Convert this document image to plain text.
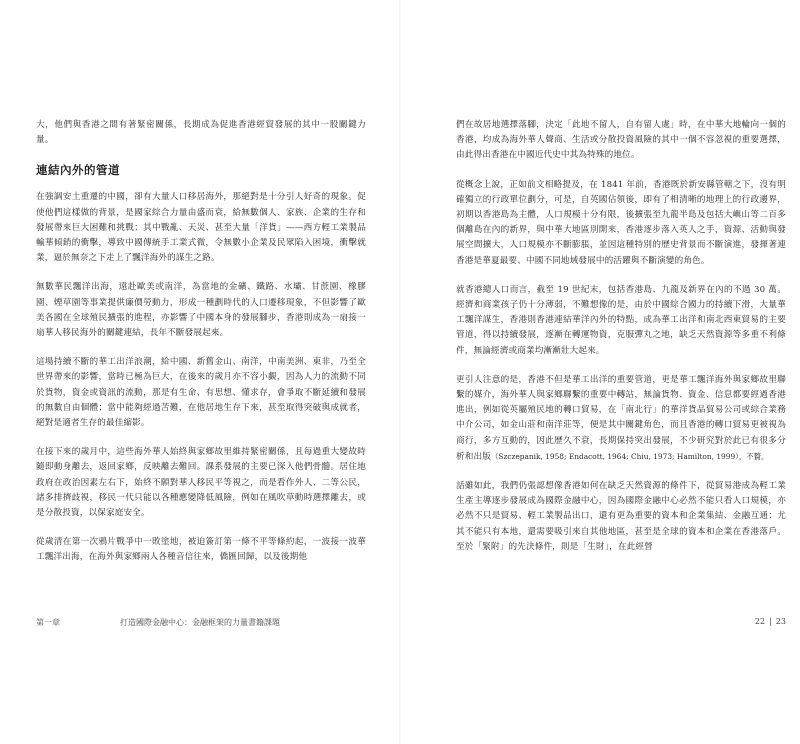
大，他們與香港之間有著緊密關係，長期成為促進香港經貿發展的其中一股關鍵力量。

連結內外的管道

在強調安土重遷的中國，卻有大量人口移居海外，那絕對是十分引人好奇的現象。促使他們這樣做的背景，是國家綜合力量由盛而衰，給無數個人、家族、企業的生存和發展帶來巨大困難和挑戰；其中戰亂、天災、甚至大量「洋貨」——西方輕工業製品輸華傾銷的衝擊，導致中國傳統手工業式微，令無數小企業及民眾陷入困境，衝擊就業，逼於無奈之下走上了飄洋海外的謀生之路。

無數華民飄洋出海，遠赴歐美或南洋，為當地的金礦、鐵路、水壩、甘蔗園、橡膠園、煙草園等事業提供廉價勞動力，形成一種劃時代的人口遷移現象，不但影響了歐美各國在全球殖民擴張的進程，亦影響了中國本身的發展腳步，香港則成為一扇接一扇華人移民海外的關鍵連結，長年不斷發展起來。

這場持續不斷的華工出洋浪潮，給中國、新舊金山、南洋，中南美洲、東非，乃至全世界帶來的影響，當時已極為巨大，在後來的歲月亦不容小覷，因為人力的流動不同於貨物，資金或資訊的流動，那是有生命、有思想、懂求存，會爭取不斷延續和發展的無數自由個體；當中能夠經過苦難，在他居地生存下來，甚至取得突破與成就者，絕對是適者生存的最佳縮影。

在接下來的歲月中，這些海外華人始終與家鄉故里維持緊密關係，且每過重大變故時隨即動身離去，返回家鄉，反映離去難回。課系發展的主要已深入他們骨髓。居住地政府在政治因素左右下，始終不願對華人移民平等視之，而是看作外人、二等公民，諸多排擠歧視，移民一代只能以各種應變降低風險，例如在風吹草動時選擇離去，或是分散投資，以保家庭安全。

從歲清在第一次鴉片戰爭中一敗塗地，被迫簽訂第一條不平等條約起，一波接一波華工飄洋出海，在海外與家鄉兩人各種音信往來，僑匯回歸，以及後期他

第一章	打造國際金融中心：金融框架的力量書籍課題

們在故居地選擇落腳，決定「此地不留人，自有留人處」時，在中華大地輪向一個的香港，均成為海外華人聲商、生活或分散投資風險的其中一個不容忽視的重要選擇，由此得出香港在中國近代史中其為特殊的地位。

從概念上說，正如前文相略提及，在 1841 年前，香港既於新安縣管轄之下，沒有明確獨立的行政單位劃分，可是，自英國佔領後，即有了相清晰的地理上的行政邊界，初期以香港島為主體，人口規模十分有限，後擴張至九龍半島及包括大嶼山等二百多個離島在內的新界，與中華大地區別開來，香港逐步落入英人之手，資源、活動與發展空間擴大，人口規模亦不斷膨脹，並因這種特別的歷史背景而不斷演進，發揮著連香港是華夏最要、中國不同地域發展中的活躍與不斷演變的角色。

就香港總人口而言，截至 19 世紀末，包括香港島、九龍及新界在內的不過 30 萬。經濟和商業孩子仍十分薄弱，不難想像的是，由於中國綜合國力的持續下滑，大量華工飄洋謀生，香港則香港連結華洋內外的特點，成為華工出洋和南北西東貿易的主要管道，得以持續發展，逐漸在轉運物資，克服彈丸之地，缺乏天然資源等多重不利條件，無論經濟或商業均漸漸壯大起來。

更引人注意的是，香港不但是華工出洋的重要管道，更是華工飄洋海外與家鄉故里聯繫的媒介，海外華人與家鄉聯繫的重要中轉站，無論貨物、資金、信息都要經過香港進出，例如從英屬殖民地的轉口貿易，在「南北行」的華洋貨品貿易公司或綜合業務中介公司，如金山莊和南洋莊等，便是其中關鍵角色，而且香港的轉口貿易更被視為商行，多方互動的，因此歷久不衰，長期保持突出發展，不少研究對於此已有很多分析和出版（Szczepanik, 1958; Endacott, 1964; Chiu, 1973; Hamilton, 1999），不贅。

話雖如此，我們仍張認想像香港如何在缺乏天然資源的條件下，從貿易港成為輕工業生產主導逐步發展成為國際金融中心，因為國際金融中心必然不能只看人口規模，亦必然不只是貿易、輕工業製品出口，還有更為重要的資本和企業集結、金融互通；尤其不能只有本地，還需要吸引來自其他地區，甚至是全球的資本和企業在香港落戶。至於「緊附」的先決條件，則是「生財」，在此經營

22 | 23
